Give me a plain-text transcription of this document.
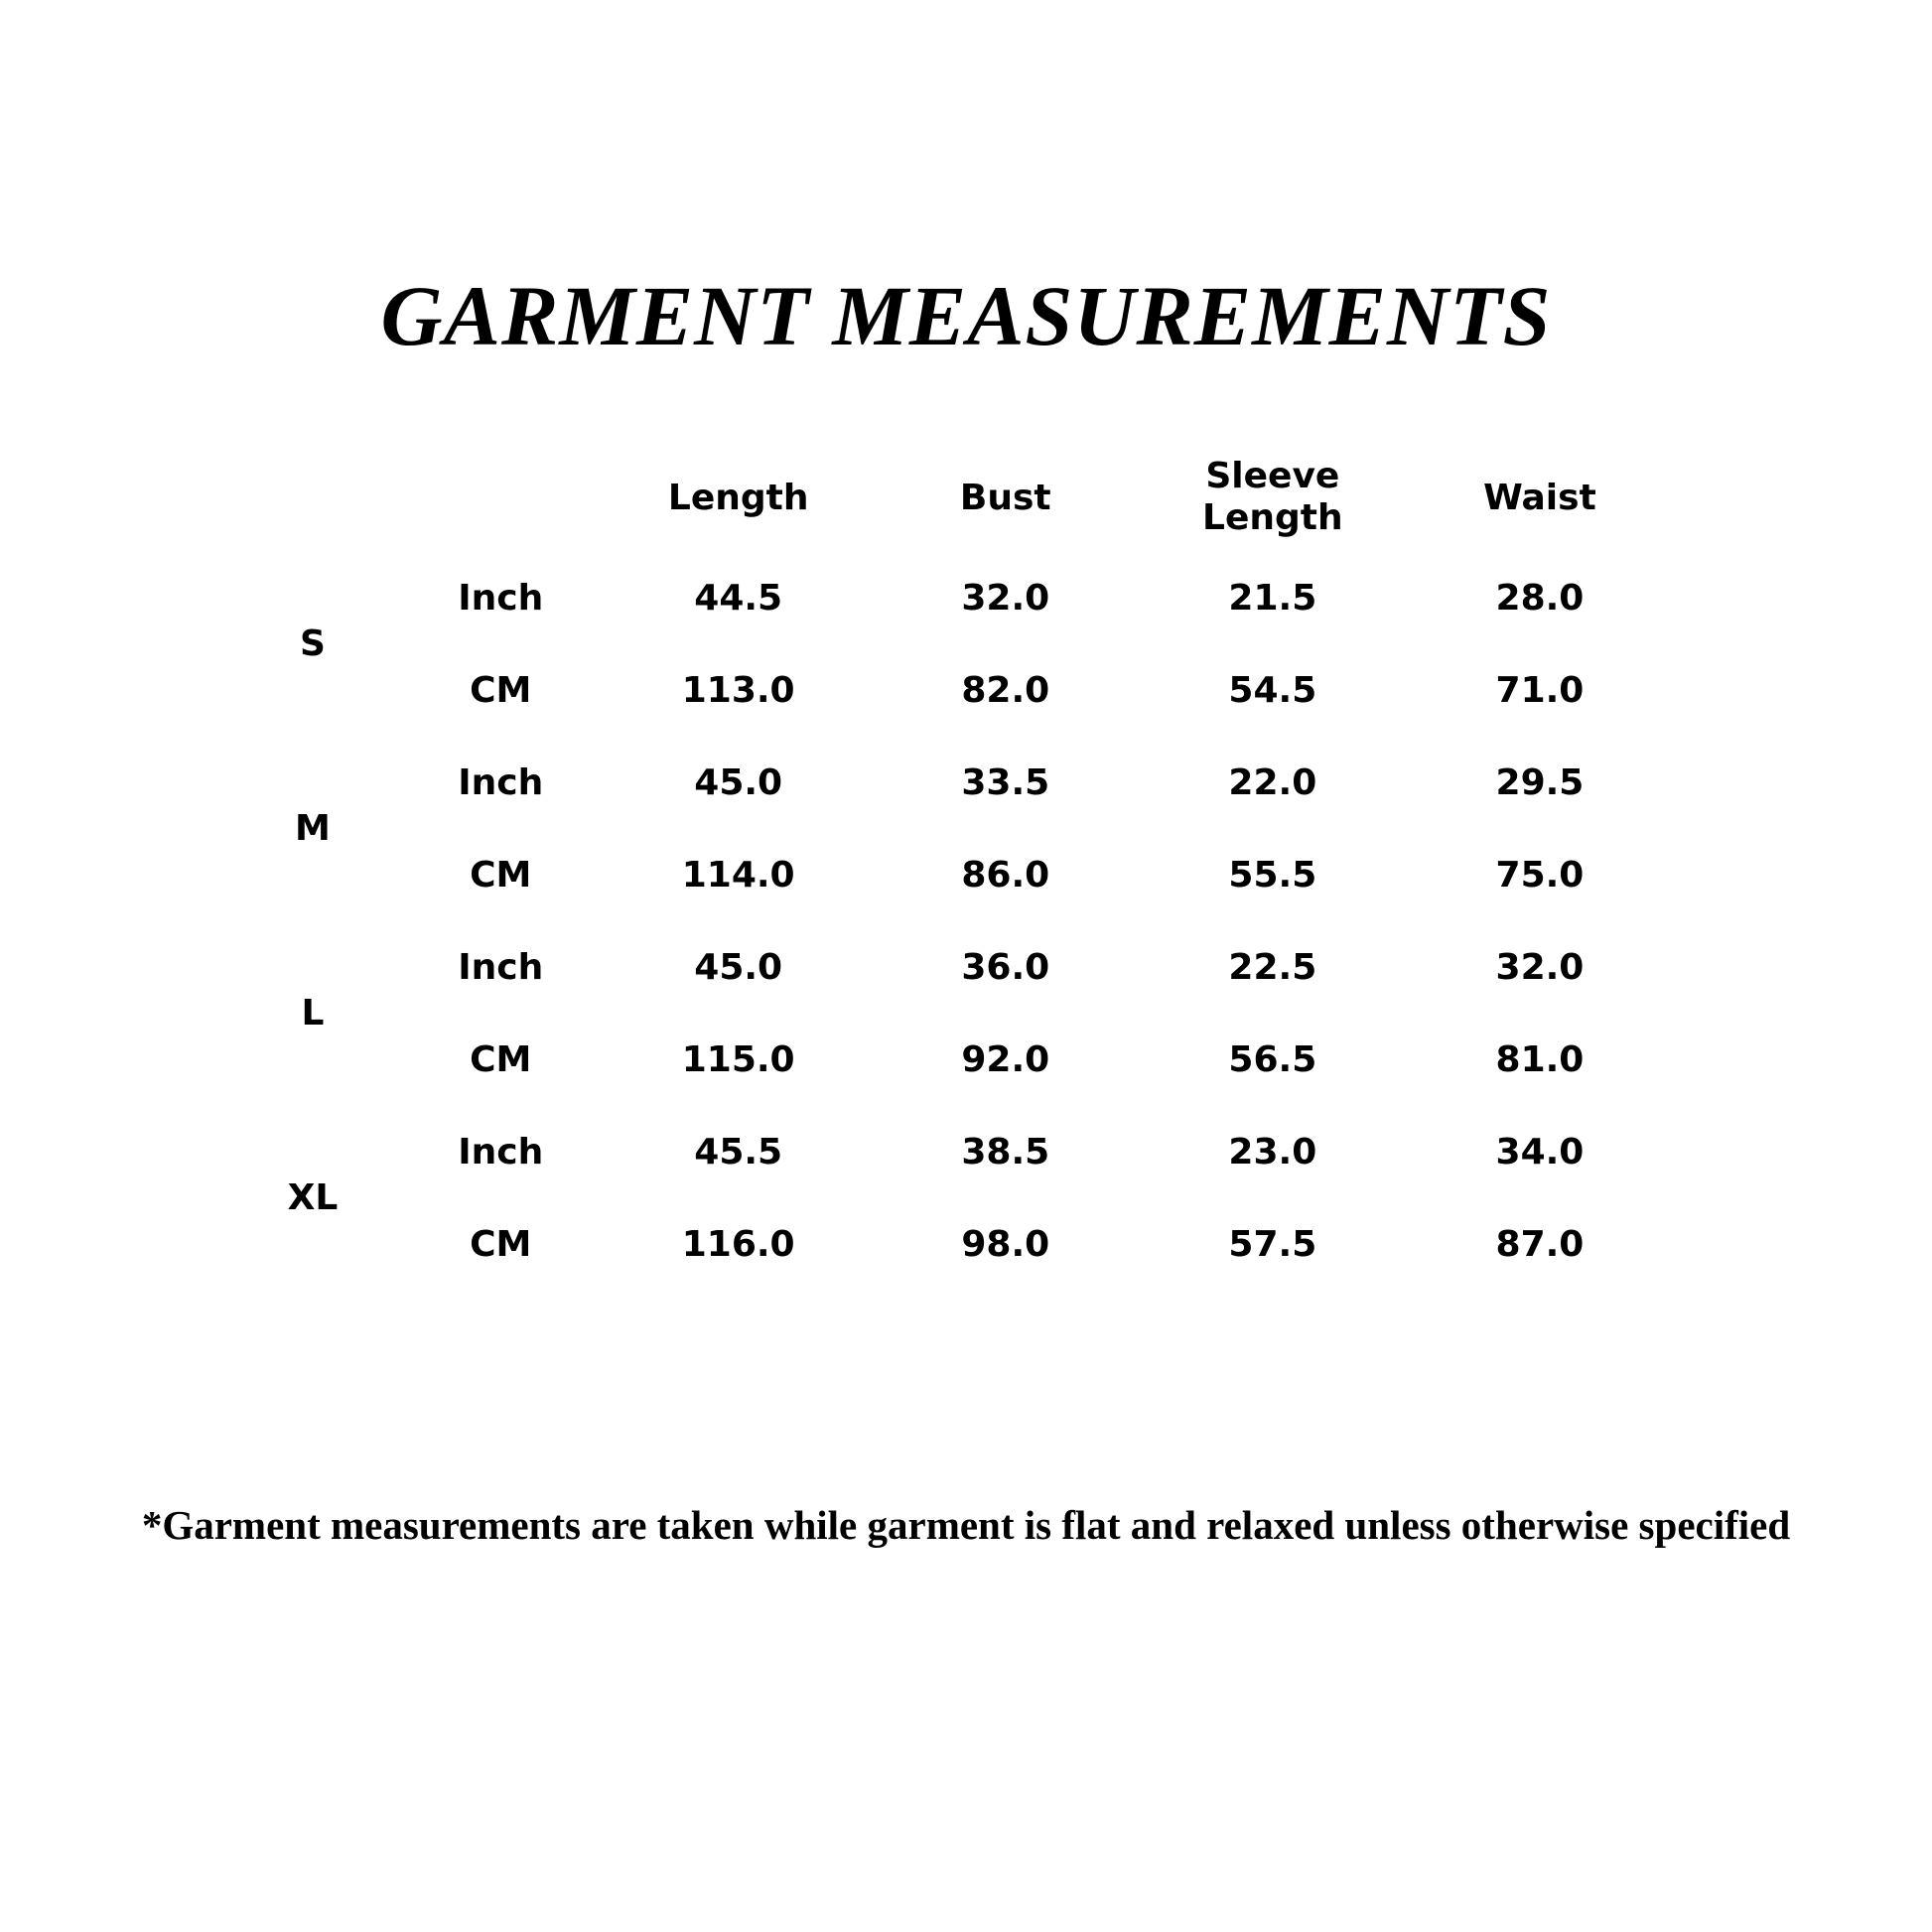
GARMENT MEASUREMENTS
Unit: $\frac{\text{Inch}}{CM}$		Length	Bust	Sleeve Length	Waist
S	Inch	44.5	32.0	21.5	28.0
	CM	113.0	82.0	54.5	71.0
M	Inch	45.0	33.5	22.0	29.5
	CM	114.0	86.0	55.5	75.0
L	Inch	45.0	36.0	22.5	32.0
	CM	115.0	92.0	56.5	81.0
XL	Inch	45.5	38.5	23.0	34.0
	CM	116.0	98.0	57.5	87.0
*Garment measurements are taken while garment is flat and relaxed unless otherwise specified
